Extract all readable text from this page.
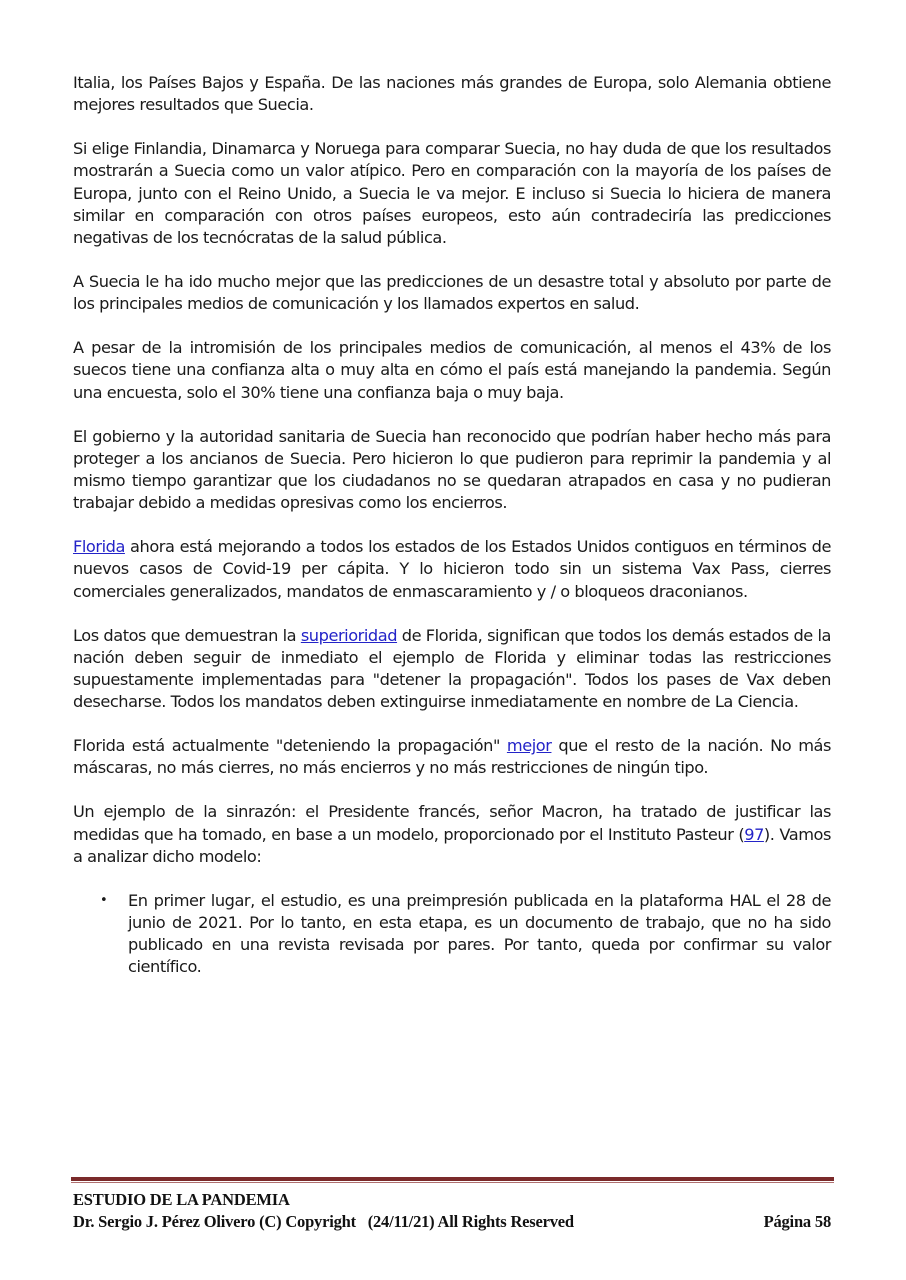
Italia, los Países Bajos y España. De las naciones más grandes de Europa, solo Alemania obtiene mejores resultados que Suecia.

Si elige Finlandia, Dinamarca y Noruega para comparar Suecia, no hay duda de que los resultados mostrarán a Suecia como un valor atípico. Pero en comparación con la mayoría de los países de Europa, junto con el Reino Unido, a Suecia le va mejor. E incluso si Suecia lo hiciera de manera similar en comparación con otros países europeos, esto aún contradeciría las predicciones negativas de los tecnócratas de la salud pública.

A Suecia le ha ido mucho mejor que las predicciones de un desastre total y absoluto por parte de los principales medios de comunicación y los llamados expertos en salud.

A pesar de la intromisión de los principales medios de comunicación, al menos el 43% de los suecos tiene una confianza alta o muy alta en cómo el país está manejando la pandemia. Según una encuesta, solo el 30% tiene una confianza baja o muy baja.

El gobierno y la autoridad sanitaria de Suecia han reconocido que podrían haber hecho más para proteger a los ancianos de Suecia. Pero hicieron lo que pudieron para reprimir la pandemia y al mismo tiempo garantizar que los ciudadanos no se quedaran atrapados en casa y no pudieran trabajar debido a medidas opresivas como los encierros.

Florida ahora está mejorando a todos los estados de los Estados Unidos contiguos en términos de nuevos casos de Covid-19 per cápita. Y lo hicieron todo sin un sistema Vax Pass, cierres comerciales generalizados, mandatos de enmascaramiento y / o bloqueos draconianos.

Los datos que demuestran la superioridad de Florida, significan que todos los demás estados de la nación deben seguir de inmediato el ejemplo de Florida y eliminar todas las restricciones supuestamente implementadas para "detener la propagación". Todos los pases de Vax deben desecharse. Todos los mandatos deben extinguirse inmediatamente en nombre de La Ciencia.

Florida está actualmente "deteniendo la propagación" mejor que el resto de la nación. No más máscaras, no más cierres, no más encierros y no más restricciones de ningún tipo.

Un ejemplo de la sinrazón: el Presidente francés, señor Macron, ha tratado de justificar las medidas que ha tomado, en base a un modelo, proporcionado por el Instituto Pasteur (97). Vamos a analizar dicho modelo:

• En primer lugar, el estudio, es una preimpresión publicada en la plataforma HAL el 28 de junio de 2021. Por lo tanto, en esta etapa, es un documento de trabajo, que no ha sido publicado en una revista revisada por pares. Por tanto, queda por confirmar su valor científico.
ESTUDIO DE LA PANDEMIA
Dr. Sergio J. Pérez Olivero (C) Copyright   (24/11/21) All Rights Reserved	Página 58
